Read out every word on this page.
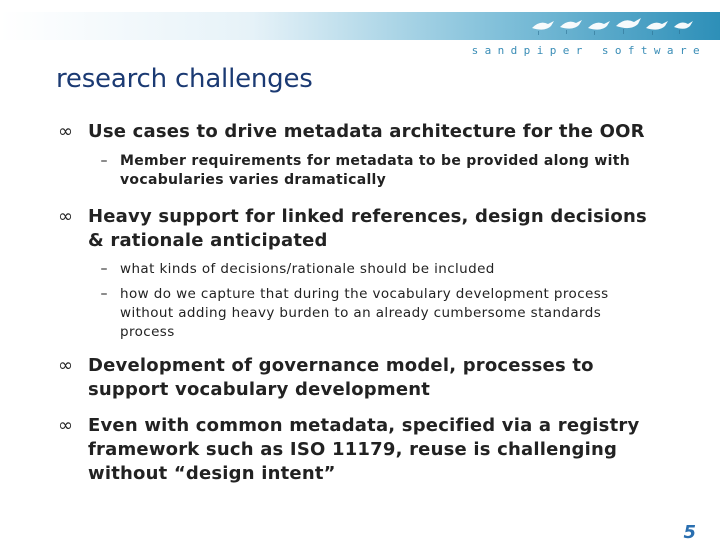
sandpiper software
research challenges
∞ Use cases to drive metadata architecture for the OOR
– Member requirements for metadata to be provided along with vocabularies varies dramatically
∞ Heavy support for linked references, design decisions & rationale anticipated
– what kinds of decisions/rationale should be included
– how do we capture that during the vocabulary development process without adding heavy burden to an already cumbersome standards process
∞ Development of governance model, processes to support vocabulary development
∞ Even with common metadata, specified via a registry framework such as ISO 11179, reuse is challenging without “design intent”
5
